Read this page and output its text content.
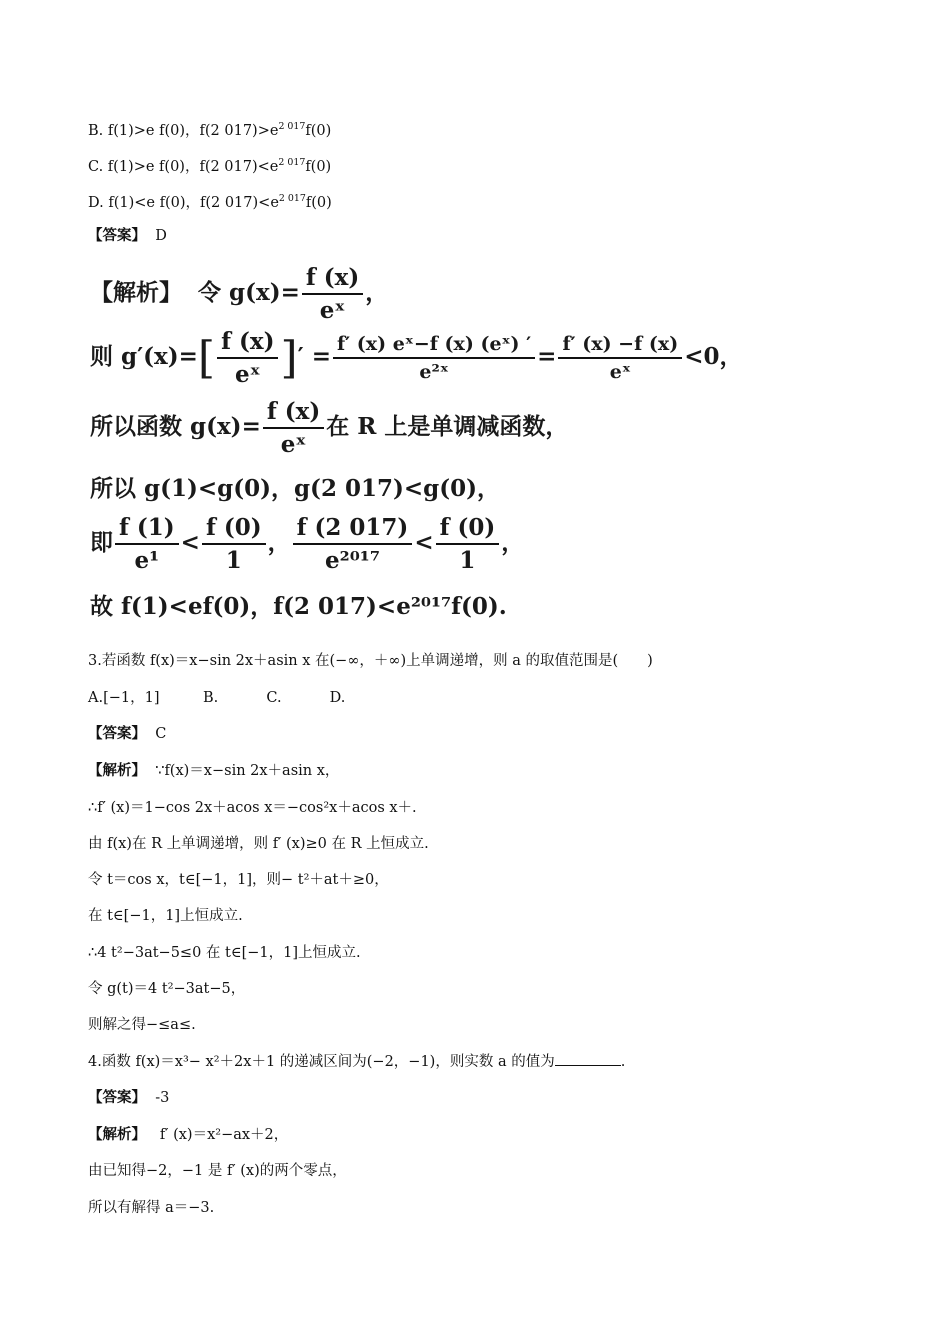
B. f(1)>e f(0)，f(2 $017)>e^{2 017}f(0)$
C. f(1)>e f(0)，f(2 $017)<e^{2 017}f(0)$
D. f(1)<e f(0)，f(2 $017)<e^{2 017}f(0)$
【答案】 D
【解析】 令 $g(x)= \frac{f (x)}{\text{eˣ}}$ ，
则 $g'(x)=[ \frac{f (x)}{\text{eˣ}}$ ]′ = $\frac{\text{f′ (x) eˣ−f (x) (eˣ) ′}}{\text{e²ˣ}} = \frac{f' (x) -f (x)}{\text{eˣ}} <0$，
所以函数 $g(x)= \frac{f (x)}{\text{eˣ}}$ 在 R 上是单调减函数，
所以 g(1)<g(0)，g(2 017)<g(0)，
即 $\frac{f (1)}{\text{e¹}} < \frac{f (0)}{1}$ ， $\frac{f (2 017)}{\text{e²⁰¹⁷}} < \frac{f (0)}{1}$ ，
故 f(1)<ef(0)，f(2 017)<e²⁰¹⁷f(0).
3.若函数 f(x)＝x−sin 2x＋asin x 在(−∞，＋∞)上单调递增，则 a 的取值范围是(　　)
A.[−1，1]　　　B.　　　 C.　　　 D.
【答案】 C
【解析】 ∵f(x)＝x−sin 2x＋asin x，
∴f′ (x)＝1−cos 2x＋acos x＝−cos²x＋acos x＋.
由 f(x)在 R 上单调递增，则 f′ (x)≥0 在 R 上恒成立.
令 t＝cos x，t∈[−1，1]，则− t²＋at＋≥0，
在 t∈[−1，1]上恒成立.
∴4 t²−3at−5≤0 在 t∈[−1，1]上恒成立.
令 g(t)＝4 t²−3at−5，
则解之得−≤a≤.
4.函数 f(x)＝x³− x²＋2x＋1 的递减区间为(−2，−1)，则实数 a 的值为	.
【答案】 -3
【解析】 f′ (x)＝x²−ax＋2，
由已知得−2，−1 是 f′ (x)的两个零点，
所以有解得 a＝−3.
